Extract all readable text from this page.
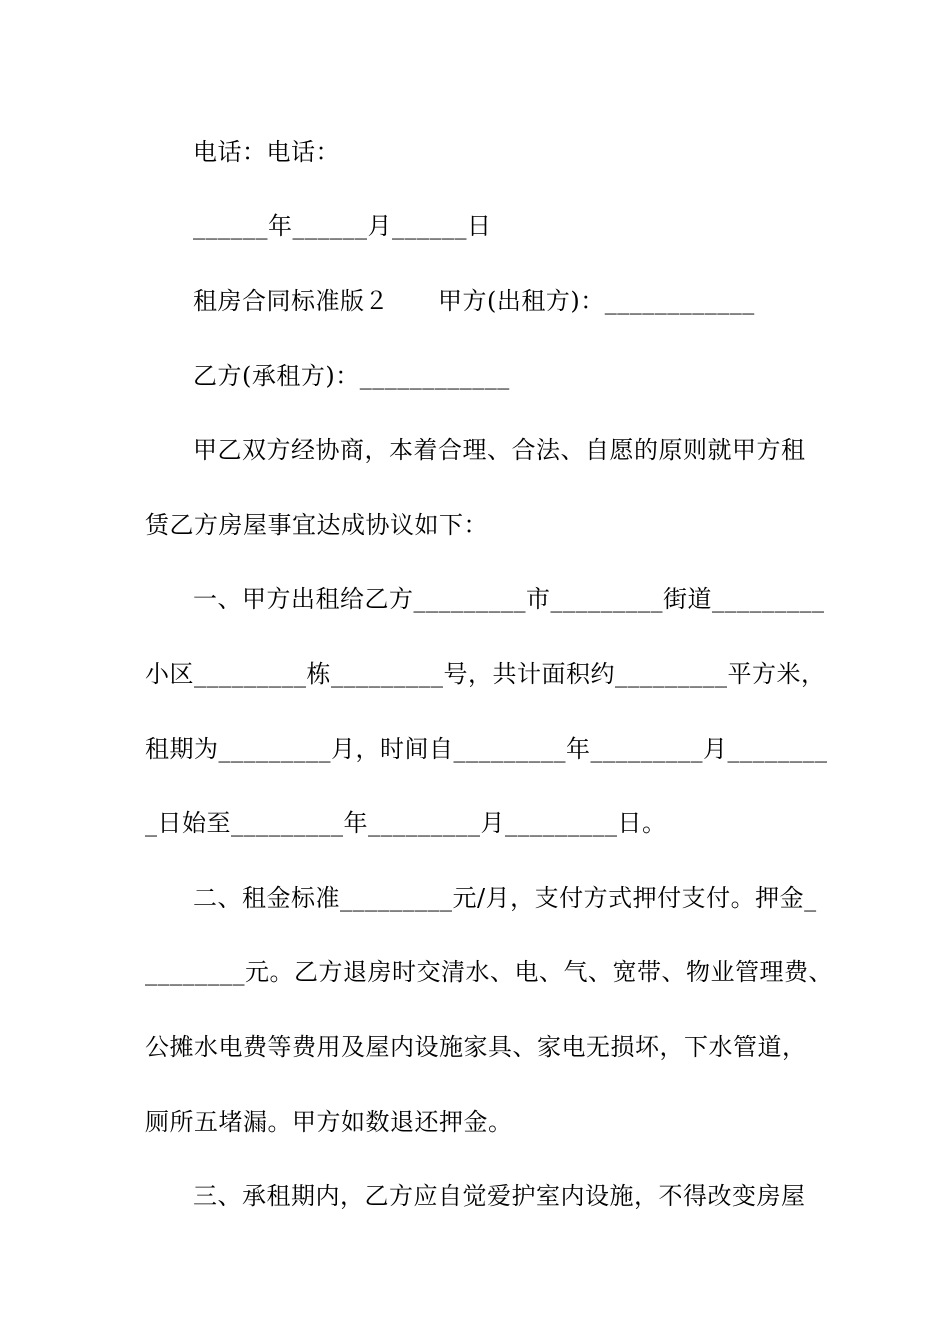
电话：电话：
______年______月______日
租房合同标准版２　　甲方(出租方)：____________
乙方(承租方)：____________
甲乙双方经协商，本着合理、合法、自愿的原则就甲方租
赁乙方房屋事宜达成协议如下：
一、甲方出租给乙方_________市_________街道_________
小区_________栋_________号，共计面积约_________平方米，
租期为_________月，时间自_________年_________月________
_日始至_________年_________月_________日。
二、租金标准_________元/月，支付方式押付支付。押金_
________元。乙方退房时交清水、电、气、宽带、物业管理费、
公摊水电费等费用及屋内设施家具、家电无损坏，下水管道，
厕所五堵漏。甲方如数退还押金。
三、承租期内，乙方应自觉爱护室内设施，不得改变房屋
